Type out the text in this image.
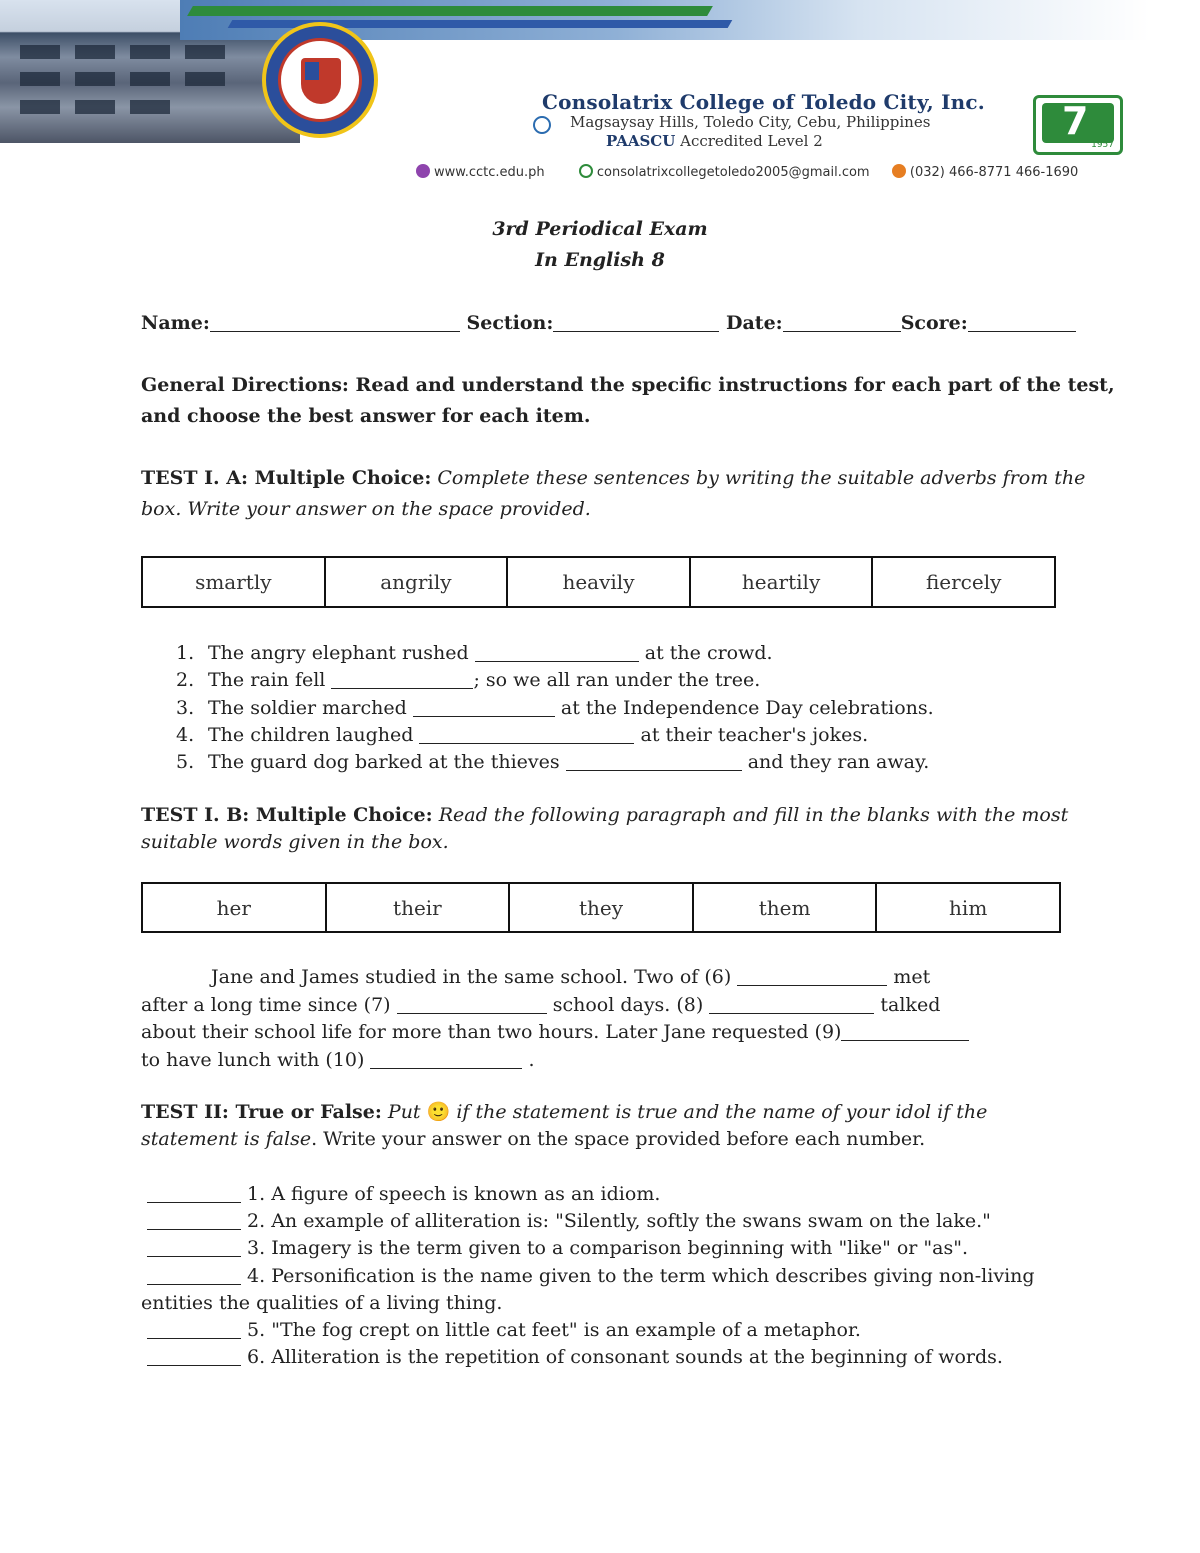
Consolatrix College of Toledo City, Inc.
Magsaysay Hills, Toledo City, Cebu, Philippines
PAASCU Accredited Level 2
www.cctc.edu.ph	consolatrixcollegetoledo2005@gmail.com	(032) 466-8771 466-1690
7
1957
3rd Periodical Exam
In English 8
Name:	Section:	Date:	Score:
General Directions: Read and understand the specific instructions for each part of the test,
and choose the best answer for each item.
TEST I. A: Multiple Choice: Complete these sentences by writing the suitable adverbs from the
box. Write your answer on the space provided.
smartly	angrily	heavily	heartily	fiercely
1. The angry elephant rushed	at the crowd.
2. The rain fell	; so we all ran under the tree.
3. The soldier marched	at the Independence Day celebrations.
4. The children laughed	at their teacher's jokes.
5. The guard dog barked at the thieves	and they ran away.
TEST I. B: Multiple Choice: Read the following paragraph and fill in the blanks with the most
suitable words given in the box.
her	their	they	them	him
Jane and James studied in the same school. Two of (6)	met
after a long time since (7)	school days. (8)	talked
about their school life for more than two hours. Later Jane requested (9)
to have lunch with (10)	.
TEST II: True or False: Put 🙂 if the statement is true and the name of your idol if the
statement is false. Write your answer on the space provided before each number.
1. A figure of speech is known as an idiom.
2. An example of alliteration is: "Silently, softly the swans swam on the lake."
3. Imagery is the term given to a comparison beginning with "like" or "as".
4. Personification is the name given to the term which describes giving non-living
entities the qualities of a living thing.
5. "The fog crept on little cat feet" is an example of a metaphor.
6. Alliteration is the repetition of consonant sounds at the beginning of words.
